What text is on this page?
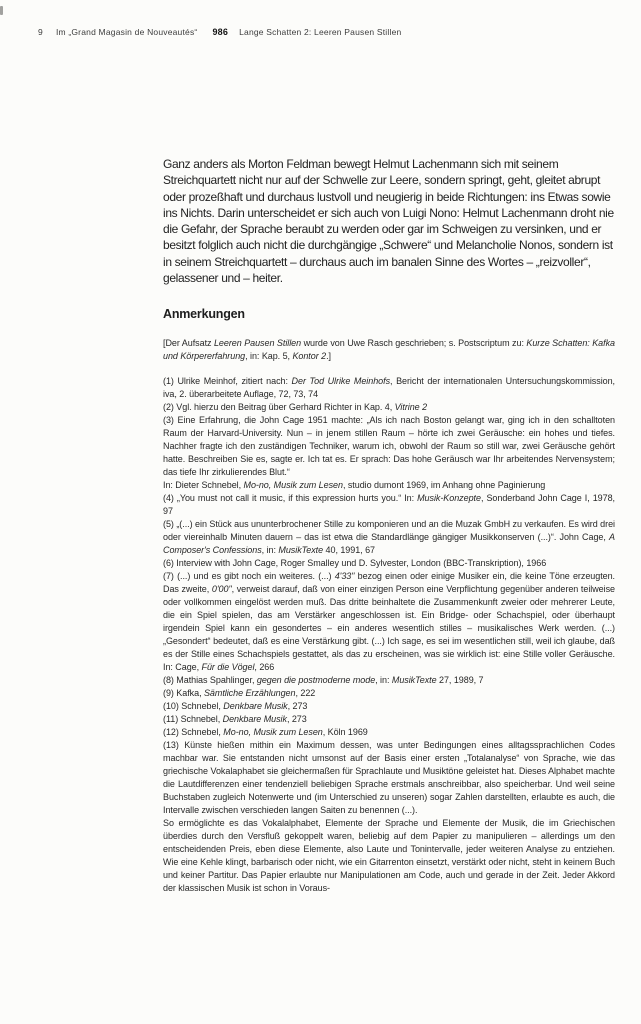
9 Im „Grand Magasin de Nouveautés“ 986 Lange Schatten 2: Leeren Pausen Stillen

Ganz anders als Morton Feldman bewegt Helmut Lachenmann sich mit seinem Streichquartett nicht nur auf der Schwelle zur Leere, sondern springt, geht, gleitet abrupt oder prozeßhaft und durchaus lustvoll und neugierig in beide Richtungen: ins Etwas sowie ins Nichts. Darin unterscheidet er sich auch von Luigi Nono: Helmut Lachenmann droht nie die Gefahr, der Sprache beraubt zu werden oder gar im Schweigen zu versinken, und er besitzt folglich auch nicht die durchgängige „Schwere“ und Melancholie Nonos, sondern ist in seinem Streichquartett – durchaus auch im banalen Sinne des Wortes – „reizvoller“, gelassener und – heiter.

Anmerkungen

[Der Aufsatz Leeren Pausen Stillen wurde von Uwe Rasch geschrieben; s. Postscriptum zu: Kurze Schatten: Kafka und Körpererfahrung, in: Kap. 5, Kontor 2.]

(1) Ulrike Meinhof, zitiert nach: Der Tod Ulrike Meinhofs, Bericht der internationalen Untersuchungskommission, iva, 2. überarbeitete Auflage, 72, 73, 74
(2) Vgl. hierzu den Beitrag über Gerhard Richter in Kap. 4, Vitrine 2
(3) Eine Erfahrung, die John Cage 1951 machte: „Als ich nach Boston gelangt war, ging ich in den schalltoten Raum der Harvard-University. Nun – in jenem stillen Raum – hörte ich zwei Geräusche: ein hohes und tiefes. Nachher fragte ich den zuständigen Techniker, warum ich, obwohl der Raum so still war, zwei Geräusche gehört hatte. Beschreiben Sie es, sagte er. Ich tat es. Er sprach: Das hohe Geräusch war Ihr arbeitendes Nervensystem; das tiefe Ihr zirkulierendes Blut.“
In: Dieter Schnebel, Mo-no, Musik zum Lesen, studio dumont 1969, im Anhang ohne Paginierung
(4) „You must not call it music, if this expression hurts you.“ In: Musik-Konzepte, Sonderband John Cage I, 1978, 97
(5) „(...) ein Stück aus ununterbrochener Stille zu komponieren und an die Muzak GmbH zu verkaufen. Es wird drei oder viereinhalb Minuten dauern – das ist etwa die Standardlänge gängiger Musikkonserven (...)“. John Cage, A Composer's Confessions, in: MusikTexte 40, 1991, 67
(6) Interview with John Cage, Roger Smalley und D. Sylvester, London (BBC-Transkription), 1966
(7) (...) und es gibt noch ein weiteres. (...) 4'33" bezog einen oder einige Musiker ein, die keine Töne erzeugten. Das zweite, 0'00", verweist darauf, daß von einer einzigen Person eine Verpflichtung gegenüber anderen teilweise oder vollkommen eingelöst werden muß. Das dritte beinhaltete die Zusammenkunft zweier oder mehrerer Leute, die ein Spiel spielen, das am Verstärker angeschlossen ist. Ein Bridge- oder Schachspiel, oder überhaupt irgendein Spiel kann ein gesondertes – ein anderes wesentlich stilles – musikalisches Werk werden. (...) „Gesondert“ bedeutet, daß es eine Verstärkung gibt. (...) Ich sage, es sei im wesentlichen still, weil ich glaube, daß es der Stille eines Schachspiels gestattet, als das zu erscheinen, was sie wirklich ist: eine Stille voller Geräusche. In: Cage, Für die Vögel, 266
(8) Mathias Spahlinger, gegen die postmoderne mode, in: MusikTexte 27, 1989, 7
(9) Kafka, Sämtliche Erzählungen, 222
(10) Schnebel, Denkbare Musik, 273
(11) Schnebel, Denkbare Musik, 273
(12) Schnebel, Mo-no, Musik zum Lesen, Köln 1969
(13) Künste hießen mithin ein Maximum dessen, was unter Bedingungen eines alltagssprachlichen Codes machbar war. Sie entstanden nicht umsonst auf der Basis einer ersten „Totalanalyse“ von Sprache, wie das griechische Vokalaphabet sie gleichermaßen für Sprachlaute und Musiktöne geleistet hat. Dieses Alphabet machte die Lautdifferenzen einer tendenziell beliebigen Sprache erstmals anschreibbar, also speicherbar. Und weil seine Buchstaben zugleich Notenwerte und (im Unterschied zu unseren) sogar Zahlen darstellten, erlaubte es auch, die Intervalle zwischen verschieden langen Saiten zu benennen (...).
So ermöglichte es das Vokalalphabet, Elemente der Sprache und Elemente der Musik, die im Griechischen überdies durch den Versfluß gekoppelt waren, beliebig auf dem Papier zu manipulieren – allerdings um den entscheidenden Preis, eben diese Elemente, also Laute und Tonintervalle, jeder weiteren Analyse zu entziehen. Wie eine Kehle klingt, barbarisch oder nicht, wie ein Gitarrenton einsetzt, verstärkt oder nicht, steht in keinem Buch und keiner Partitur. Das Papier erlaubte nur Manipulationen am Code, auch und gerade in der Zeit. Jeder Akkord der klassischen Musik ist schon in Voraus-
